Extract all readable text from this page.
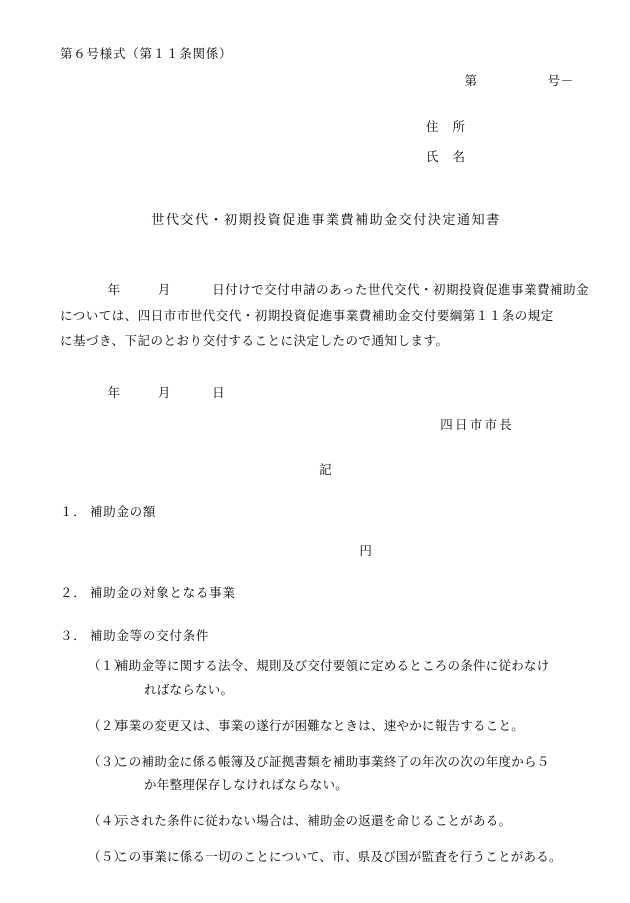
第６号様式（第１１条関係）
第	号－
住　所
氏　名
世代交代・初期投資促進事業費補助金交付決定通知書
年	月	日付けで交付申請のあった世代交代・初期投資促進事業費補助金
については、四日市市世代交代・初期投資促進事業費補助金交付要綱第１１条の規定
に基づき、下記のとおり交付することに決定したので通知します。
年	月	日
四日市市長
記
１． 補助金の額
円
２． 補助金の対象となる事業
３． 補助金等の交付条件
（１）
補助金等に関する法令、規則及び交付要領に定めるところの条件に従わなけ
ればならない。
（２）
事業の変更又は、事業の遂行が困難なときは、速やかに報告すること。
（３）
この補助金に係る帳簿及び証拠書類を補助事業終了の年次の次の年度から５
か年整理保存しなければならない。
（４）
示された条件に従わない場合は、補助金の返還を命じることがある。
（５）
この事業に係る一切のことについて、市、県及び国が監査を行うことがある。
